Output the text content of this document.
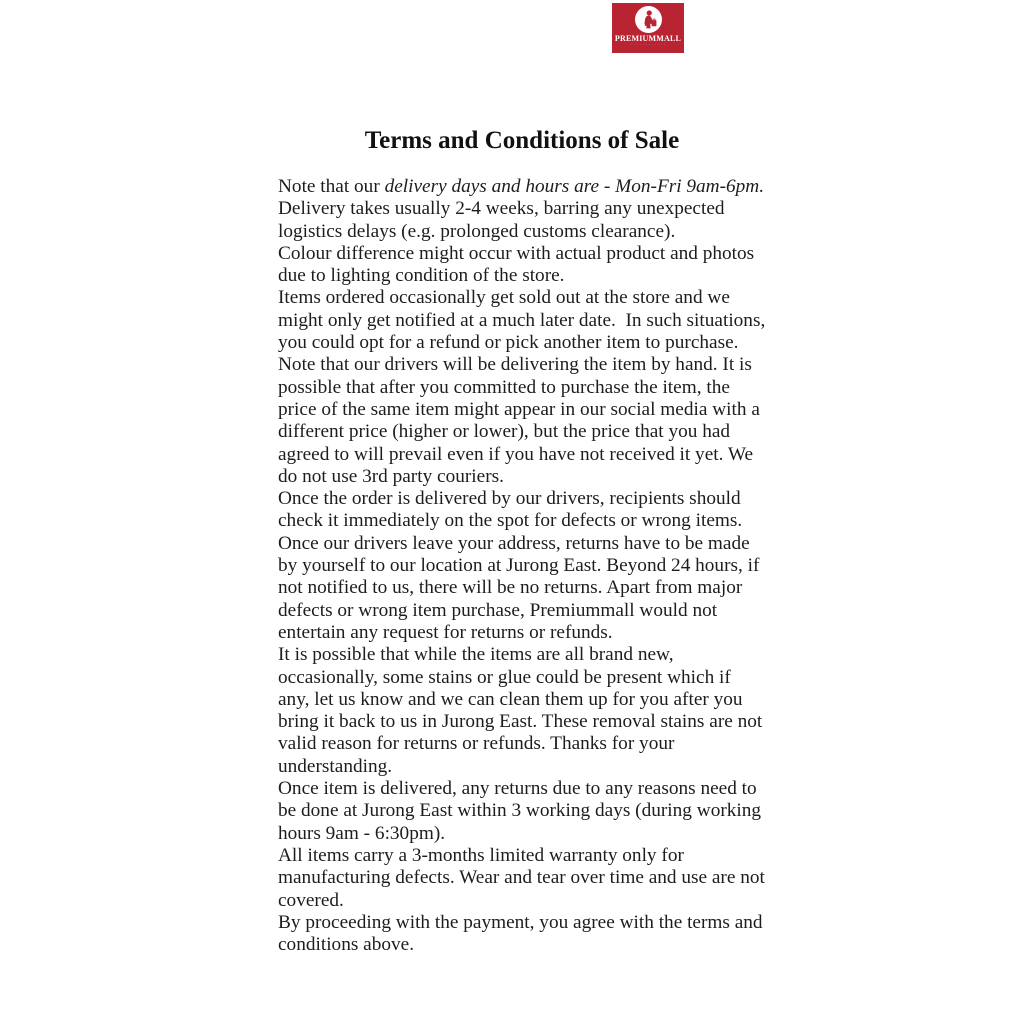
PREMIUMMALL
· · · · · · · · · · · ·
Terms and Conditions of Sale

Note that our delivery days and hours are - Mon-Fri 9am-6pm.

Delivery takes usually 2-4 weeks, barring any unexpected logistics delays (e.g. prolonged customs clearance).

Colour difference might occur with actual product and photos due to lighting condition of the store.

Items ordered occasionally get sold out at the store and we might only get notified at a much later date.  In such situations, you could opt for a refund or pick another item to purchase.

Note that our drivers will be delivering the item by hand. It is possible that after you committed to purchase the item, the price of the same item might appear in our social media with a different price (higher or lower), but the price that you had agreed to will prevail even if you have not received it yet. We do not use 3rd party couriers.

Once the order is delivered by our drivers, recipients should check it immediately on the spot for defects or wrong items.

Once our drivers leave your address, returns have to be made by yourself to our location at Jurong East. Beyond 24 hours, if not notified to us, there will be no returns. Apart from major defects or wrong item purchase, Premiummall would not entertain any request for returns or refunds.

It is possible that while the items are all brand new, occasionally, some stains or glue could be present which if any, let us know and we can clean them up for you after you bring it back to us in Jurong East. These removal stains are not valid reason for returns or refunds. Thanks for your understanding.

Once item is delivered, any returns due to any reasons need to be done at Jurong East within 3 working days (during working hours 9am - 6:30pm).

All items carry a 3-months limited warranty only for manufacturing defects. Wear and tear over time and use are not covered.

By proceeding with the payment, you agree with the terms and conditions above.
